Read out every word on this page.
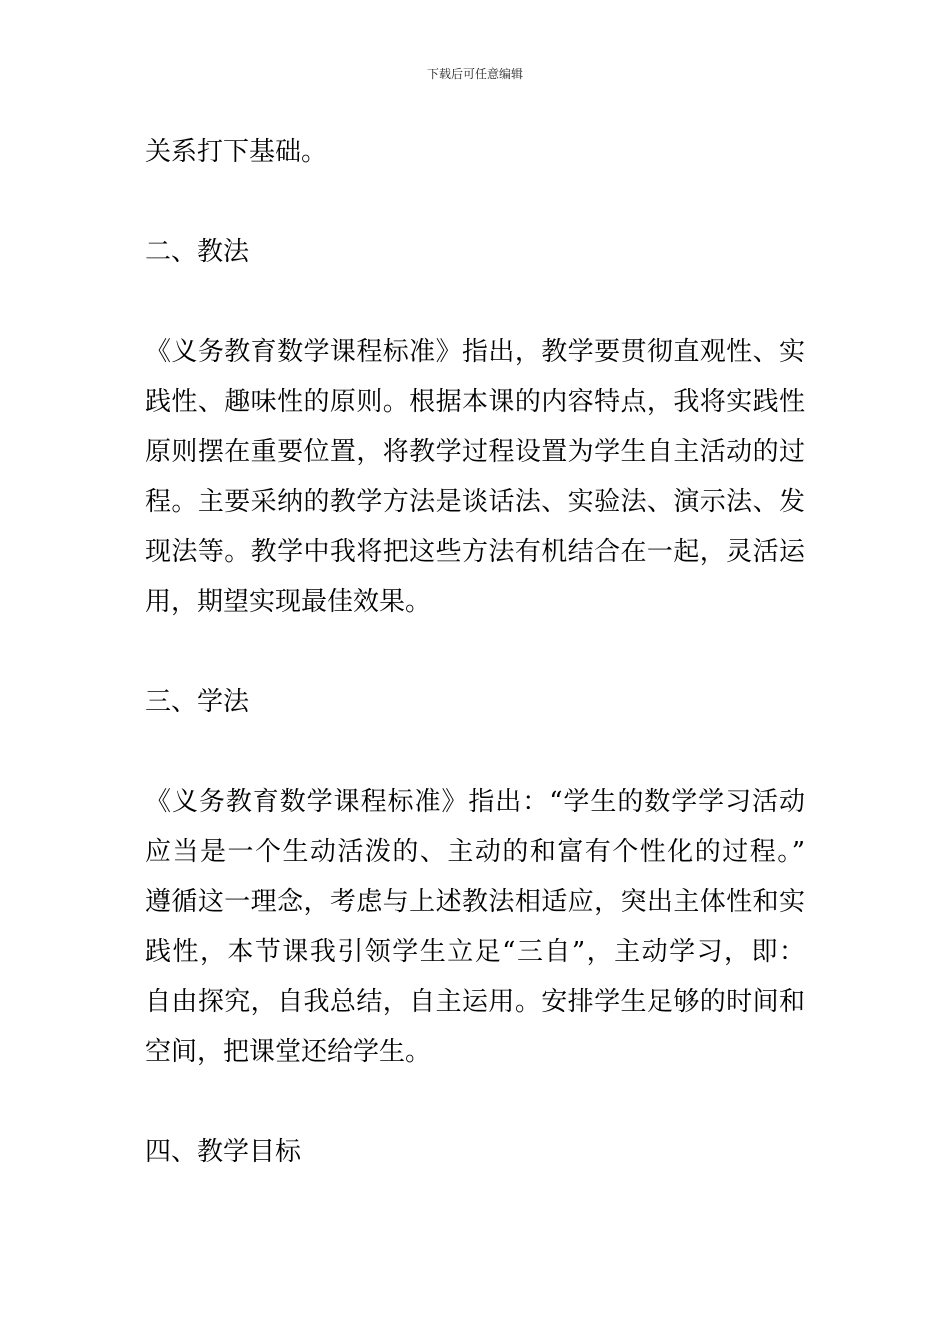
下载后可任意编辑
关系打下基础。
二、教法
《义务教育数学课程标准》指出，教学要贯彻直观性、实
践性、趣味性的原则。根据本课的内容特点，我将实践性
原则摆在重要位置，将教学过程设置为学生自主活动的过
程。主要采纳的教学方法是谈话法、实验法、演示法、发
现法等。教学中我将把这些方法有机结合在一起，灵活运
用，期望实现最佳效果。
三、学法
《义务教育数学课程标准》指出：“学生的数学学习活动
应当是一个生动活泼的、主动的和富有个性化的过程。”
遵循这一理念，考虑与上述教法相适应，突出主体性和实
践性，本节课我引领学生立足“三自”，主动学习，即：
自由探究，自我总结，自主运用。安排学生足够的时间和
空间，把课堂还给学生。
四、教学目标
